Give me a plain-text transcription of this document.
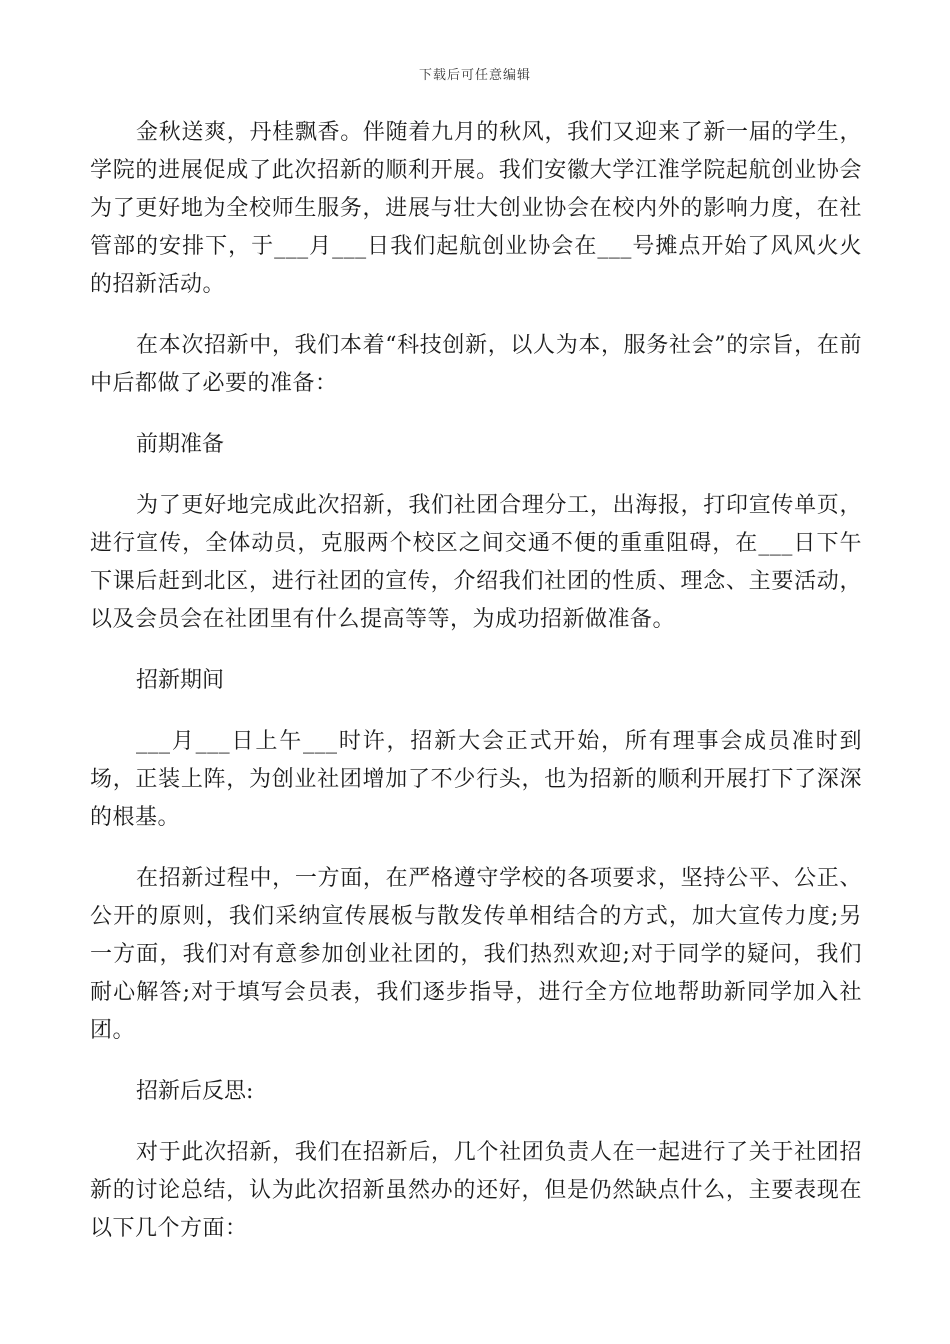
下载后可任意编辑

金秋送爽，丹桂飘香。伴随着九月的秋风，我们又迎来了新一届的学生，学院的进展促成了此次招新的顺利开展。我们安徽大学江淮学院起航创业协会为了更好地为全校师生服务，进展与壮大创业协会在校内外的影响力度，在社管部的安排下，于___月___日我们起航创业协会在___号摊点开始了风风火火的招新活动。

在本次招新中，我们本着“科技创新，以人为本，服务社会”的宗旨，在前中后都做了必要的准备：

前期准备

为了更好地完成此次招新，我们社团合理分工，出海报，打印宣传单页，进行宣传，全体动员，克服两个校区之间交通不便的重重阻碍，在___日下午下课后赶到北区，进行社团的宣传，介绍我们社团的性质、理念、主要活动，以及会员会在社团里有什么提高等等，为成功招新做准备。

招新期间

___月___日上午___时许，招新大会正式开始，所有理事会成员准时到场，正装上阵，为创业社团增加了不少行头，也为招新的顺利开展打下了深深的根基。

在招新过程中，一方面，在严格遵守学校的各项要求，坚持公平、公正、公开的原则，我们采纳宣传展板与散发传单相结合的方式，加大宣传力度;另一方面，我们对有意参加创业社团的，我们热烈欢迎;对于同学的疑问，我们耐心解答;对于填写会员表，我们逐步指导，进行全方位地帮助新同学加入社团。

招新后反思:

对于此次招新，我们在招新后，几个社团负责人在一起进行了关于社团招新的讨论总结，认为此次招新虽然办的还好，但是仍然缺点什么，主要表现在以下几个方面：
